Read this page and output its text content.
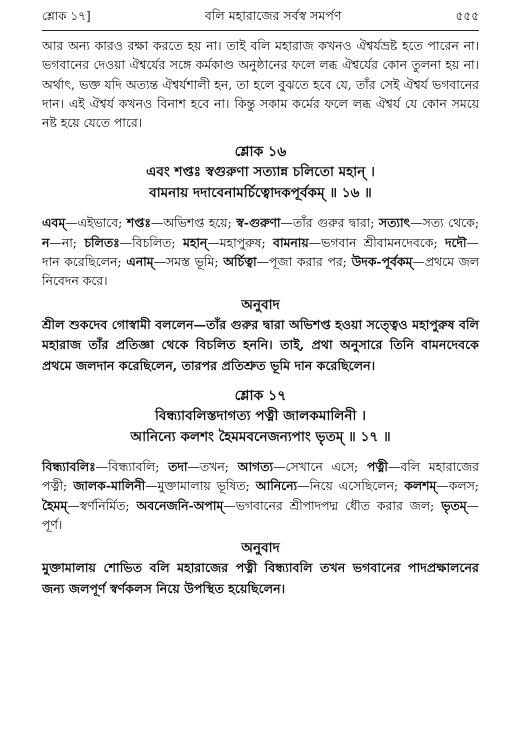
শ্লোক ১৭]	বলি মহারাজের সর্বস্ব সমর্পণ	৫৫৫

আর অন্য কারও রক্ষা করতে হয় না। তাই বলি মহারাজ কখনও ঐশ্বর্যভ্রষ্ট হতে পারেন না। ভগবানের দেওয়া ঐশ্বর্যের সঙ্গে কর্মকাণ্ড অনুষ্ঠানের ফলে লব্ধ ঐশ্বর্যের কোন তুলনা হয় না। অর্থাৎ, ভক্ত যদি অত্যন্ত ঐশ্বর্যশালী হন, তা হলে বুঝতে হবে যে, তাঁর সেই ঐশ্বর্য ভগবানের দান। এই ঐশ্বর্য কখনও বিনাশ হবে না। কিন্তু সকাম কর্মের ফলে লব্ধ ঐশ্বর্য যে কোন সময়ে নষ্ট হয়ে যেতে পারে।

শ্লোক ১৬
এবং শপ্তঃ স্বগুরুণা সত্যান্ন চলিতো মহান্ ।
বামনায় দদাবেনামর্চিত্বোদকপূর্বকম্ ॥ ১৬ ॥

এবম্—এইভাবে; শপ্তঃ—অভিশপ্ত হয়ে; স্ব-গুরুণা—তাঁর গুরুর দ্বারা; সত্যাৎ—সত্য থেকে; ন—না; চলিতঃ—বিচলিত; মহান্—মহাপুরুষ; বামনায়—ভগবান শ্রীবামনদেবকে; দদৌ—দান করেছিলেন; এনাম্—সমস্ত ভূমি; অর্চিত্বা—পূজা করার পর; উদক-পূর্বকম্—প্রথমে জল নিবেদন করে।

অনুবাদ

শ্রীল শুকদেব গোস্বামী বললেন—তাঁর গুরুর দ্বারা অভিশপ্ত হওয়া সত্ত্বেও মহাপুরুষ বলি মহারাজ তাঁর প্রতিজ্ঞা থেকে বিচলিত হননি। তাই, প্রথা অনুসারে তিনি বামনদেবকে প্রথমে জলদান করেছিলেন, তারপর প্রতিশ্রুত ভূমি দান করেছিলেন।

শ্লোক ১৭
বিন্ধ্যাবলিস্তদাগত্য পত্নী জালকমালিনী ।
আনিন্যে কলশং হৈমমবনেজন্যপাং ভৃতম্ ॥ ১৭ ॥

বিন্ধ্যাবলিঃ—বিন্ধ্যাবলি; তদা—তখন; আগত্য—সেখানে এসে; পত্নী—বলি মহারাজের পত্নী; জালক-মালিনী—মুক্তামালায় ভূষিত; আনিন্যে—নিয়ে এসেছিলেন; কলশম্—কলস; হৈমম্—স্বর্ণনির্মিত; অবনেজনি-অপাম্—ভগবানের শ্রীপাদপদ্ম ধৌত করার জল; ভৃতম্—পূর্ণ।

অনুবাদ

মুক্তামালায় শোভিত বলি মহারাজের পত্নী বিন্ধ্যাবলি তখন ভগবানের পাদপ্রক্ষালনের জন্য জলপূর্ণ স্বর্ণকলস নিয়ে উপস্থিত হয়েছিলেন।
